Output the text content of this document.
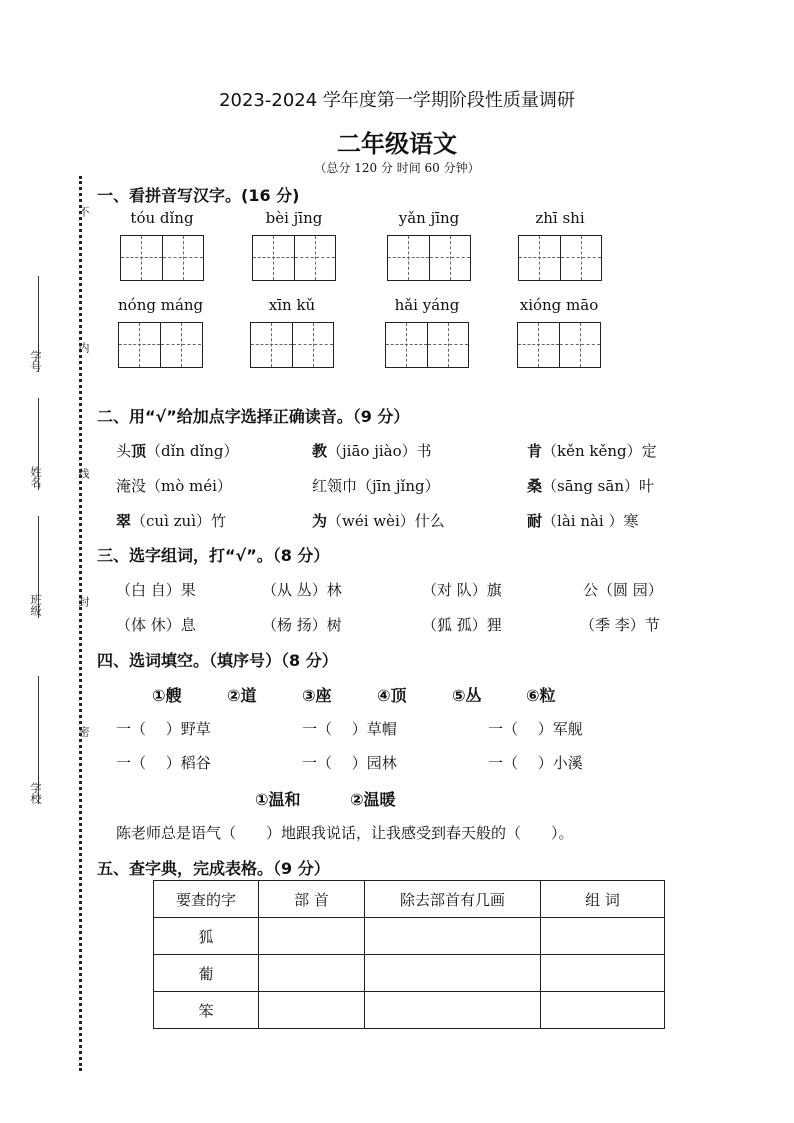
不
内
线
封
密
学号
姓名
班级
学校
2023-2024 学年度第一学期阶段性质量调研
二年级语文
（总分 120 分 时间 60 分钟）
一、看拼音写汉字。(16 分)
tóu dǐng	bèi jīng	yǎn jīng	zhī shi
nóng máng	xīn kǔ	hǎi yáng	xióng māo
二、用“√”给加点字选择正确读音。（9 分）
头顶（dǐn dǐng）	教（jiāo jiào）书	肯（kěn kěng）定
淹没（mò méi）	红领巾（jīn jǐng）	桑（sāng sān）叶
翠（cuì zuì）竹	为（wéi wèi）什么	耐（lài nài ）寒
三、选字组词，打“√”。（8 分）
（白 自）果	（从 丛）林	（对 队）旗	公（圆 园）
（体 休）息	（杨 扬）树	（狐 孤）狸	（季 李）节
四、选词填空。（填序号）（8 分）
①艘	②道	③座	④顶	⑤丛	⑥粒
一（　 ）野草	一（　 ）草帽	一（　 ）军舰
一（　 ）稻谷	一（　 ）园林	一（　 ）小溪
①温和	②温暖
陈老师总是语气（　　）地跟我说话，让我感受到春天般的（　　）。
五、查字典，完成表格。（9 分）
要查的字	部 首	除去部首有几画	组 词
狐			
葡			
笨			
